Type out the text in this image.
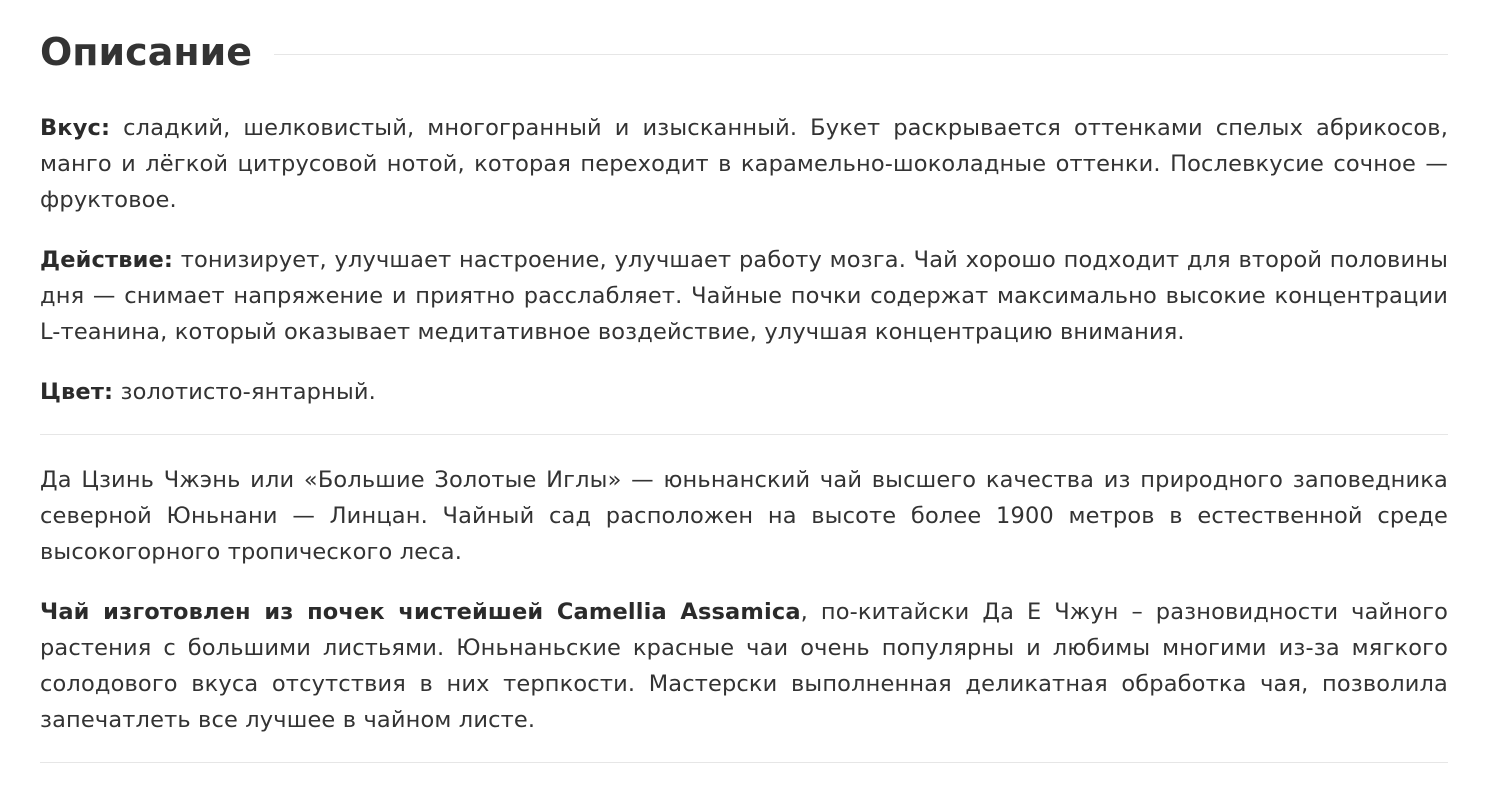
Описание

Вкус: сладкий, шелковистый, многогранный и изысканный. Букет раскрывается оттенками спелых абрикосов, манго и лёгкой цитрусовой нотой, которая переходит в карамельно-шоколадные оттенки. Послевкусие сочное — фруктовое.

Действие: тонизирует, улучшает настроение, улучшает работу мозга. Чай хорошо подходит для второй половины дня — снимает напряжение и приятно расслабляет. Чайные почки содержат максимально высокие концентрации L-теанина, который оказывает медитативное воздействие, улучшая концентрацию внимания.

Цвет: золотисто-янтарный.

Да Цзинь Чжэнь или «Большие Золотые Иглы» — юньнанский чай высшего качества из природного заповедника северной Юньнани — Линцан. Чайный сад расположен на высоте более 1900 метров в естественной среде высокогорного тропического леса.

Чай изготовлен из почек чистейшей Camellia Assamica, по-китайски Да Е Чжун – разновидности чайного растения с большими листьями. Юньнаньские красные чаи очень популярны и любимы многими из-за мягкого солодового вкуса отсутствия в них терпкости. Мастерски выполненная деликатная обработка чая, позволила запечатлеть все лучшее в чайном листе.
